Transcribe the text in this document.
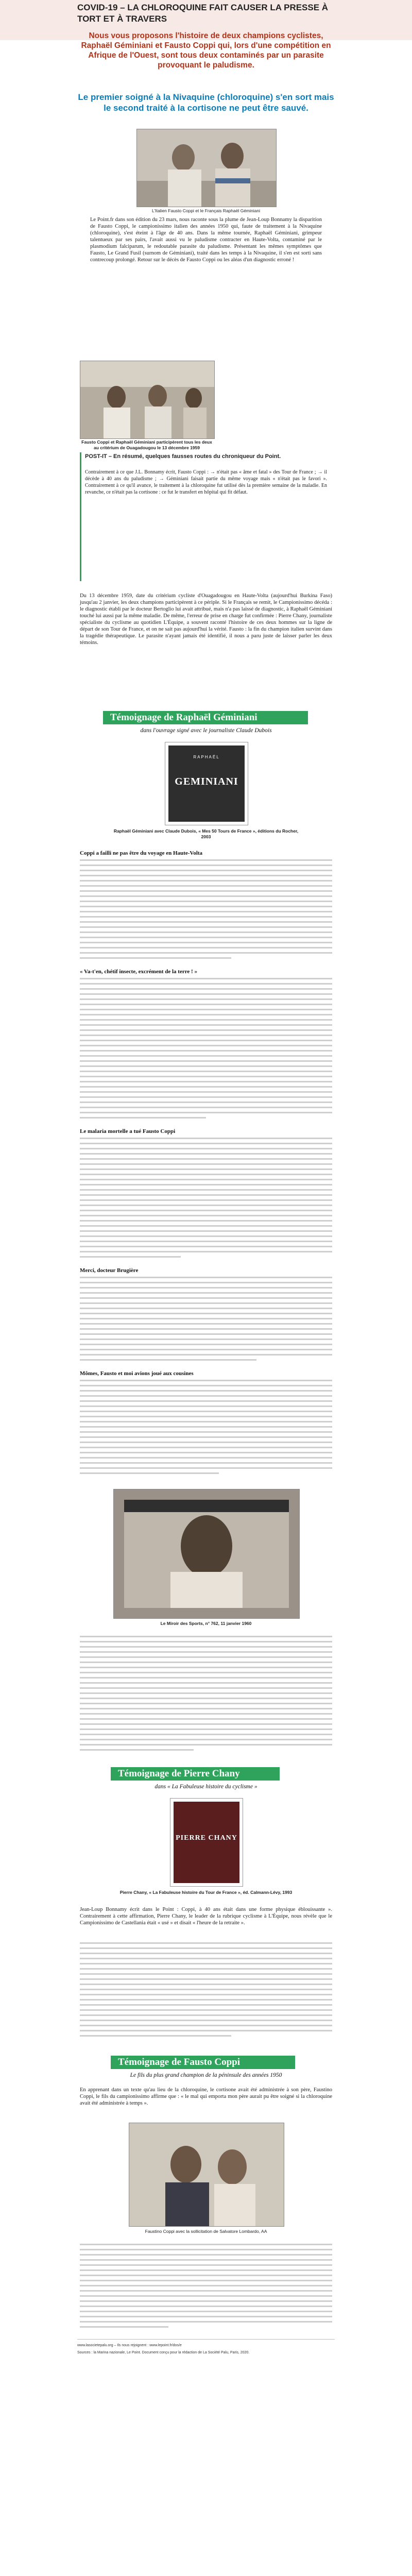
COVID-19 – LA CHLOROQUINE FAIT CAUSER LA PRESSE À TORT ET À TRAVERS
Nous vous proposons l'histoire de deux champions cyclistes, Raphaël Géminiani et Fausto Coppi qui, lors d'une compétition en Afrique de l'Ouest, sont tous deux contaminés par un parasite provoquant le paludisme.
Le premier soigné à la Nivaquine (chloroquine) s'en sort mais le second traité à la cortisone ne peut être sauvé.
L'Italien Fausto Coppi et le Français Raphaël Géminiani
Le Point.fr dans son édition du 23 mars, nous raconte sous la plume de Jean-Loup Bonnamy la disparition de Fausto Coppi, le campionissimo italien des années 1950 qui, faute de traitement à la Nivaquine (chloroquine), s'est éteint à l'âge de 40 ans. Dans la même tournée, Raphaël Géminiani, grimpeur talentueux par ses pairs, l'avait aussi vu le paludisme contracter en Haute-Volta, contaminé par le plasmodium falciparum, le redoutable parasite du paludisme. Présentant les mêmes symptômes que Fausto, Le Grand Fusil (surnom de Géminiani), traité dans les temps à la Nivaquine, il s'en est sorti sans contrecoup prolongé. Retour sur le décès de Fausto Coppi ou les aléas d'un diagnostic erroné !
Fausto Coppi et Raphaël Géminiani participèrent tous les deux au critérium de Ouagadougou le 13 décembre 1959
POST-IT – En résumé, quelques fausses routes du chroniqueur du Point.
Contrairement à ce que J.L. Bonnamy écrit, Fausto Coppi : → n'était pas « âme et fatal » des Tour de France ; → il décède à 40 ans du paludisme ; → Géminiani faisait partie du même voyage mais « n'était pas le favori ». Contrairement à ce qu'il avance, le traitement à la chloroquine fut utilisé dès la première semaine de la maladie. En revanche, ce n'était pas la cortisone : ce fut le transfert en hôpital qui fit défaut.
Du 13 décembre 1959, date du critérium cycliste d'Ouagadougou en Haute-Volta (aujourd'hui Burkina Faso) jusqu'au 2 janvier, les deux champions participèrent à ce périple. Si le Français se remit, le Campionissimo décéda : le diagnostic établi par le docteur Bertoglio lui avait attribué, mais n'a pas laissé de diagnostic, à Raphaël Géminiani touché lui aussi par la même maladie. De même, l'erreur de prise en charge fut confirmée : Pierre Chany, journaliste spécialiste du cyclisme au quotidien L'Équipe, a souvent raconté l'histoire de ces deux hommes sur la ligne de départ de son Tour de France, et on ne sait pas aujourd'hui la vérité. Fausto : la fin du champion italien survint dans la tragédie thérapeutique. Le parasite n'ayant jamais été identifié, il nous a paru juste de laisser parler les deux témoins.
Témoignage de Raphaël Géminiani
dans l'ouvrage signé avec le journaliste Claude Dubois
RAPHAËL
GEMINIANI
Raphaël Géminiani avec Claude Dubois, « Mes 50 Tours de France », éditions du Rocher, 2003
Coppi a failli ne pas être du voyage en Haute-Volta
« Va-t'en, chétif insecte, excrément de la terre ! »
Le malaria mortelle a tué Fausto Coppi
Merci, docteur Brugière
Mômes, Fausto et moi avions joué aux cousines
Le Miroir des Sports, n° 762, 11 janvier 1960
Témoignage de Pierre Chany
dans « La Fabuleuse histoire du cyclisme »
PIERRE CHANY
Pierre Chany, « La Fabuleuse histoire du Tour de France », éd. Calmann-Lévy, 1993
Jean-Loup Bonnamy écrit dans le Point : Coppi, à 40 ans était dans une forme physique éblouissante ». Contrairement à cette affirmation, Pierre Chany, le leader de la rubrique cyclisme à L'Équipe, nous révèle que le Campionissimo de Castellania était « usé » et disait « l'heure de la retraite ».
Témoignage de Fausto Coppi
Le fils du plus grand champion de la péninsule des années 1950
En apprenant dans un texte qu'au lieu de la chloroquine, le cortisone avait été administrée à son père, Faustino Coppi, le fils du campionissimo affirme que : « le mal qui emporta mon père aurait pu être soigné si la chloroquine avait été administrée à temps ».
Faustino Coppi avec la sollicitation de Salvatore Lombardo, AA
www.lasocietepalu.org – Ils nous rejoignent : www.lepoint.fr/dos/e
Sources : la Marina nazionale, Le Point. Document conçu pour la rédaction de La Société Palu, Paris, 2020.
